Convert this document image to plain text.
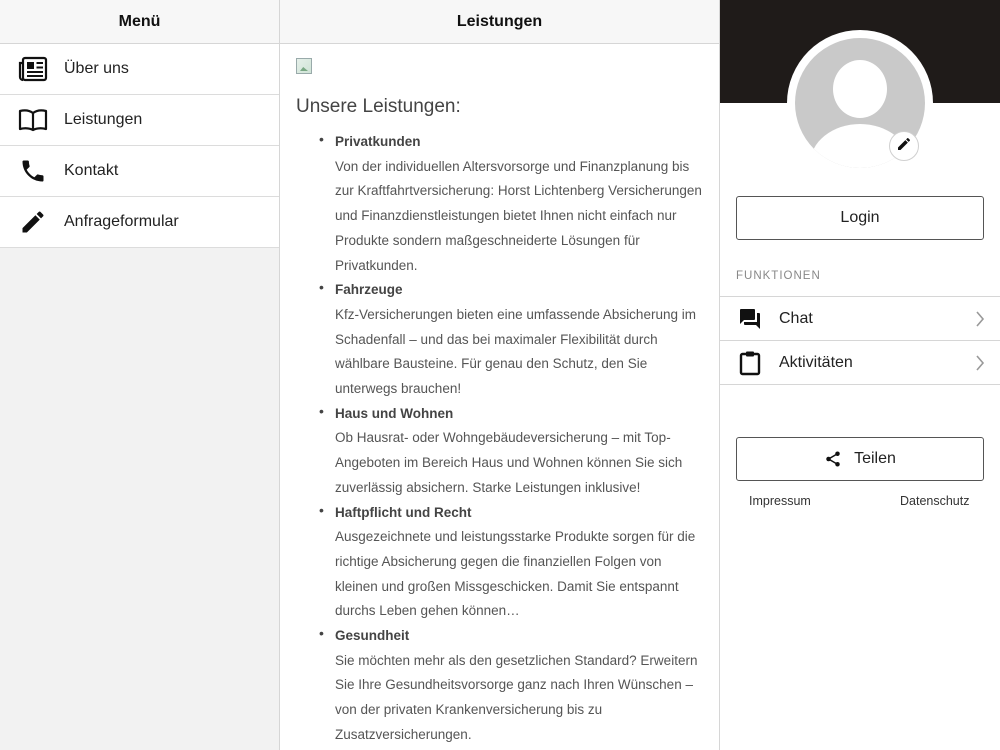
Menü
Über uns
Leistungen
Kontakt
Anfrageformular
Leistungen
Unsere Leistungen:
• Privatkunden
Von der individuellen Altersvorsorge und Finanzplanung bis zur Kraftfahrtversicherung: Horst Lichtenberg Versicherungen und Finanzdienstleistungen bietet Ihnen nicht einfach nur Produkte sondern maßgeschneiderte Lösungen für Privatkunden.
• Fahrzeuge
Kfz-Versicherungen bieten eine umfassende Absicherung im Schadenfall – und das bei maximaler Flexibilität durch wählbare Bausteine. Für genau den Schutz, den Sie unterwegs brauchen!
• Haus und Wohnen
Ob Hausrat- oder Wohngebäudeversicherung – mit Top-Angeboten im Bereich Haus und Wohnen können Sie sich zuverlässig absichern. Starke Leistungen inklusive!
• Haftpflicht und Recht
Ausgezeichnete und leistungsstarke Produkte sorgen für die richtige Absicherung gegen die finanziellen Folgen von kleinen und großen Missgeschicken. Damit Sie entspannt durchs Leben gehen können…
• Gesundheit
Sie möchten mehr als den gesetzlichen Standard? Erweitern Sie Ihre Gesundheitsvorsorge ganz nach Ihren Wünschen – von der privaten Krankenversicherung bis zu Zusatzversicherungen.
Login
FUNKTIONEN
Chat
Aktivitäten
Teilen
Impressum	Datenschutz
